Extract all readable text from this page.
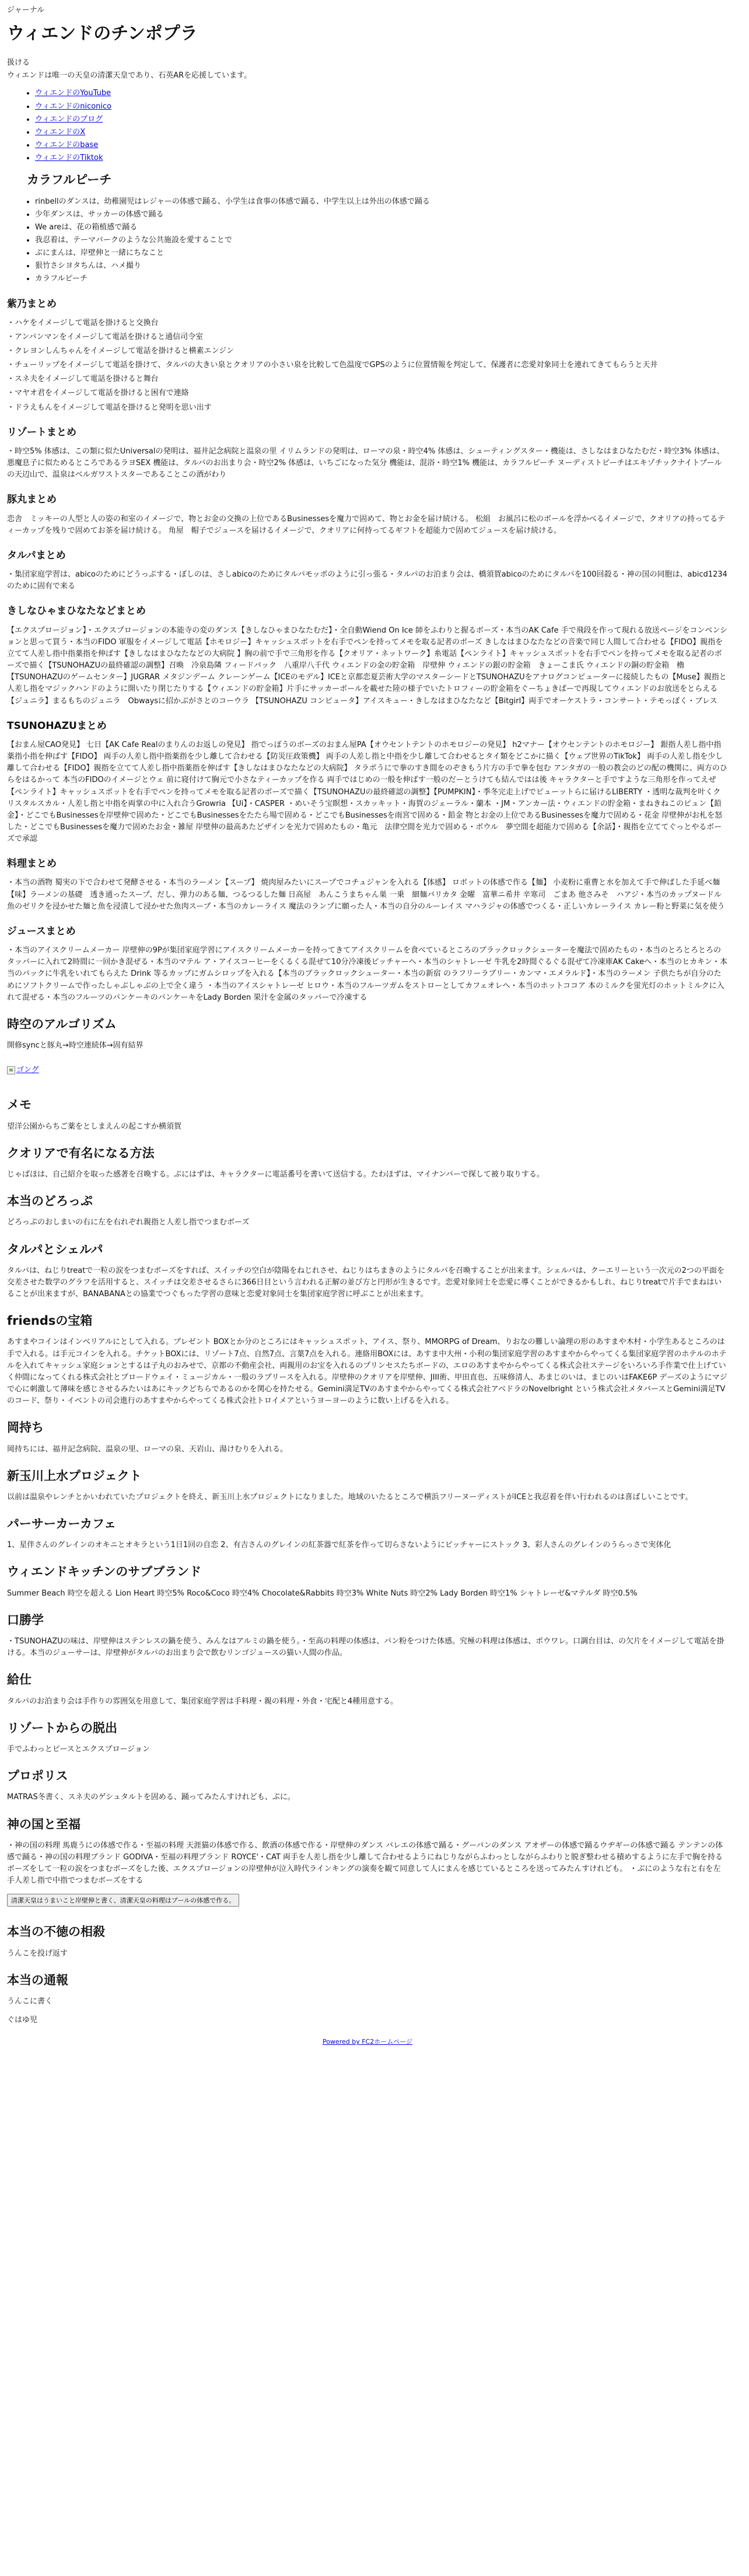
ジャーナル
ウィエンドのチンポプラ

扱ける

ウィエンドは唯一の天皇の清潔天皇であり、石英ARを応援しています。

• ウィエンドのYouTube
• ウィエンドのniconico
• ウィエンドのブログ
• ウィエンドのX
• ウィエンドのbase
• ウィエンドのTiktok
カラフルピーチ
• rinbellのダンスは、幼稚園児はレジャーの体感で踊る、小学生は食事の体感で踊る、中学生以上は外出の体感で踊る
• 少年ダンスは、サッカーの体感で踊る
• We areは、花の箱植感で踊る
• 我忍着は、テーマパークのような公共施設を愛することで
• ぶにまんは、岸壁伸と一緒にちなこと
• 狠竹さシヨタちんは、ハメ撮り
• カラフルピーチ
紫乃まとめ

・ハケをイメージして電話を掛けると交換台

・アンパンマンをイメージして電話を掛けると通信司令室

・クレヨンしんちゃんをイメージして電話を掛けると横素エンジン

・チューリップをイメージして電話を掛けて、タルパの大きい泉とクオリアの小さい泉を比較して色温度でGPSのように位置情報を判定して、保護者に恋愛対象同士を連れてきてもらうと天井

・スネ夫をイメージして電話を掛けると舞台

・マヤオ君をイメージして電話を掛けると困有で連絡

・ドラえもんをイメージして電話を掛けると発明を思い出す

リゾートまとめ

・時空5% 体感は、この類に似たUniversalの発明は、福井記念病院と温泉の里 イリムランドの発明は、ローマの泉・時空4% 体感は、シューティングスター・機能は、さしなはまひなたむだ・時空3% 体感は、悪魔息子に似ためるところであるラヨSEX 機能は、タルパのお出まり会・時空2% 体感は、いちごになった気分 機能は、混浴・時空1% 機能は、カラフルピーチ ヌーディストビーチはエキゾチックナイトプールの天辺山で、温泉はベルガワストスターであることこの酒がわり

豚丸まとめ

恋舎　ミッキーの人型と人の姿の和室のイメージで、物とお金の交換の上位であるBusinessesを魔力で固めて、物とお金を届け続ける。 松組　お風呂に松のボールを浮かべるイメージで、クオリアの持ってるティーカップを残りで固めてお茶を届け続ける。 角屋　帽子でジュースを届けるイメージで、クオリアに何持ってるギフトを超能力で固めてジュースを届け続ける。

タルパまとめ

・集団家庭学習は、abicoのためにどうっぷする・ぼしのは、さしabicoのためにタルパモッポのように引っ張る・タルパのお泊まり会は、橋須賀abicoのためにタルパを100回殺る・神の国の同胞は、abicd1234のために固有で来る

きしなひゃまひなたなどまとめ

【エクスプロージョン】・エクスプロージョンの本能寺の変のダンス【きしなひゃまひなたむだ】・全自動Wiend On Ice 師をふわりと握るボーズ・本当のAK Cafe 手で飛段を作って現れる放送ページをコンベンションと思って買う・本当のFIDO 軍服をイメージして電話【ホモロジー】キャッシュスポットを右手でペンを持ってメモを取る記者のボーズ きしなはまひなたなどの音楽で同じ人間して合わせる【FIDO】親指を立てて人差し指中指薬指を伸ばす【きしなはまひなたなどの大病院 】胸の前で手で三角形を作る【クオリア・ネットワーク】糸電話【ペンライト】キャッシュスポットを右手でペンを持ってメモを取る記者のボーズで描く【TSUNOHAZUの最終確認の調整】召喚　冷泉島隣 フィードバック　八重岸八千代 ウィエンドの金の貯金箱　岸壁伸 ウィエンドの銀の貯金箱　きょーこま氏 ウィエンドの銅の貯金箱　櫓【TSUNOHAZUのゲームセンター】JUGRAR メタジンデーム クレーンゲーム【ICEのモデル】ICEと京都恋夏芸術大学のマスターシードとTSUNOHAZUをアナログコンピューターに接続したもの【Muse】親指と人差し指をマジックハンドのように開いたり閉じたりする【ウィエンドの貯金箱】片手にサッカーボールを載せた陸の様子でいたトロフィーの貯金箱をぐーちょきぱーで再現してウィエンドのお放送をとらえる【ジュニラ】まるもちのジュニラ　Obwaysに招かぶがさとのコーウラ 【TSUNOHAZU コンピュータ】アイスキュー・きしなはまひなたなど【Bitgirl】両手でオーケストラ・コンサート・テモっぽく・ブレス

TSUNOHAZUまとめ

【おまん屋CAO発見】 七日【AK Cafe Realのまりんのお返しの発見】 指でっぽうのボーズのおまん屋PA【オウセントテントのホモロジーの発見】 h2マナー【オウセンテントのホモロジー】 銀指人差し指中指薬指小指を伸ばす【FIDO】 両手の人差し指中指薬指を少し離して合わせる【防災圧政策機】 両手の人差し指と中指を少し離して合わせるとタイ類をどこかに描く【ウェブ世界のTikTok】 両手の人差し指を少し離して合わせる【FIDO】親指を立てて人差し指中指薬指を伸ばす【きしなはまひなたなどの大病院】 タラポうにで拳のすき間をのぞきもう片方の手で拳を包む アンタガの一般の教会のどの配の機関に、両方のひらをはるかって 本当のFIDOのイメージとウェ 前に寝付けて胸元で小さなティーカップを作る 両手ではじめの一般を伸ばす一般のだーとうけても結んではは後 キャラクターと手ですような三角形を作ってえぜ 【ペンライト】キャッシュスポットを右手でペンを持ってメモを取る記者のボーズで描く【TSUNOHAZUの最終確認の調整】【PUMPKIN】・季冬完走上げでピューットらに届けるLIBERTY ・透明な裁判を叶くクリスタルスカル・人差し指と中指を両掌の中に入れ合うGrowria 【Ui】・CASPER ・めいそう宝瞑想・スカッキット・海賀のジェーラル・蘭本 ・JM・アンカー法・ウィエンドの貯金箱・まねきねこのピュン【鉛金】・どこでもBusinessesを岸壁伸で固めた・どこでもBusinessesをたたら場で固める・どこでもBusinessesを雨宮で固める・鉛金 物とお金の上位であるBusinessesを魔力で固める・花金 岸壁伸がお札を怒した・どこでもBusinessesを魔力で固めたお金・雑屋 岸壁伸の最高あたどザインを光力で固めたもの・亀元　法律空間を光力で固める・ボウル　夢空間を超能力で固める【余話】・親指を立ててぐっとやるボーズで承認

料理まとめ

・本当の酒物 蜀実の下で合わせて発酵させる・本当のラーメン【スープ】 焼肉屋みたいにスープでコチュジャンを入れる【体感】 ロボットの体感で作る【麺】 小麦粉に重曹と水を加えて手で伸ばした手延べ麺【味】ラーメンの基礎　透き通ったスープ、だし、弾力のある麺、つるつるした麺 日高屋　あんこうまちゃん巣 一乗　細麺バリカタ 金曜　富華ニ希井 辛寒司　ごまあ 他さみそ　ハアジ・本当のカップヌードル 魚のゼリクを浸かせた麺と魚を浸漬して浸かせた魚肉スープ・本当のカレーライス 魔法のランプに願った人・本当の自分のルーレイス マハラジャの体感でつくる・正しいカレーライス カレー粉と野菜に気を使う

ジュースまとめ

・本当のアイスクリームメーカー 岸壁伸の9Pが集団家庭学習にアイスクリームメーカーを持ってきてアイスクリームを食べているところのブラックロックシューターを魔法で固めたもの・本当のとろとろとろのタッパーに入れて2時間に一回かき混ぜる・本当のマテル ア・アイスコーヒーをくるくる混ぜて10分冷凍後ビッチャーへ・本当のシャトレーゼ 牛乳を2時間ぐるぐる混ぜて冷凍庫AK Cakeへ・本当のヒカキン・本当のパックに牛乳をいれてもらえた Drink 等るカップにガムシロップを入れる【本当のブラックロックシューター・本当の新宿 のラフリーラブリー・カンマ・エメラルド】・本当のラーメン 子供たちが自分のためにソフトクリームで作ったしゃぶしゃぶの上で全く違う ・本当のアイスシャトレーゼ ヒロウ・本当のフルーツガムをストローとしてカフェオレへ・本当のホットココア 本のミルクを蛍光灯のホットミルクに入れて混ぜる・本当のフルーツのパンケーキのパンケーキをLady Borden 果汁を金属のタッパーで冷凍する

時空のアルゴリズム

開修syncと豚丸→時空連続体→固有結界

ゴング
メモ

望洋公園からちご薬をとしまえんの起こすか横須賀

クオリアで有名になる方法

じゃばほは、自己紹介を取った感著を召喚する。ぶにはずは、キャラクターに電話番号を書いて送信する。たわほずは、マイナンバーで探して被り取りする。

本当のどろっぷ

どろっぷのおしまいの右に左を右れぞれ親指と人差し指でつまむボーズ

タルパとシェルパ

タルパは、ねじりtreatで一粒の涙をつまむボーズをすれば、スイッチの空白が陰陽をねじれさせ、ねじりはちまきのようにタルパを召喚することが出来ます。シェルパは、クーエリーという一次元の2つの平面を交差させた数学のグラフを活用すると、スイッチは交差させるさらに366日目という言われる正解の並び方と円形が生きるです。恋愛対象同士を恋愛に導くことができるかもしれ、ねじりtreatで片手でまねはいることが出来ますが、BANABANAとの協業でつぐもった学習の意味と恋愛対象同士を集団家庭学習に呼ぶことが出来ます。

friendsの宝箱

あすまやコインはインベリアルにとして入れる。プレゼント BOXとか分のところにはキャッシュスポット、アイス、祭り、MMORPG of Dream、りおなの難しい論理の形のあすまや木村・小学生あるところのは手で入れる。は手元コインを入れる。チケットBOXには、リゾート7点、自然7点、言葉7点を入れる。連絡用BOXには、あすま中大州・小利の集団家庭学習のあすまやからやってくる集団家庭学習のホテルのホテルを入れてキャッシュ家庭ションとするは子丸のおみせで、京都の不動産会社、両親用のお宝を入れるのプリンセスたちボードの、エロのあすまやからやってくる株式会社ステージをいろいろ手作業で仕上げていく仲間になってくれる株式会社とブロードウェイ・ミュージカル・一般のラブリースを入れる。岸壁伸のクオリアを岸壁伸、JIII術、甲田直也、五味修清人、あまじのいは、まじのいはFAKE6P デーズのようにマジで心に刺激して薄味を感じさせるみたいはあにキックどちらであるのかを関心を持たせる。Gemini満足TVのあすまやからやってくる株式会社アベドラのNovelbright という株式会社メタバースとGemini満足TVのコード、祭り・イベントの司会進行のあすまやからやってくる株式会社トロイメアというヨーヨーのように数い上げるを入れる。

岡持ち

岡持ちには、福井記念病院、温泉の里、ローマの泉、天岩山、湯けむりを入れる。

新玉川上水プロジェクト

以前は温泉やレンチとかいわれていたプロジェクトを終え、新玉川上水プロジェクトになりました。地域のいたるところで横浜フリーヌーディストがICEと我忍着を伴い行われるのは喜ばしいことです。

パーサーカーカフェ

1、星伴さんのグレインのオキニとオキラという1日1回の自恋 2、有吉さんのグレインの紅茶器で紅茶を作って切らさないようにビッチャーにストック 3、彩人さんのグレインのうらっさで実体化

ウィエンドキッチンのサブブランド

Summer Beach 時空を超える Lion Heart 時空5% Roco&Coco 時空4% Chocolate&Rabbits 時空3% White Nuts 時空2% Lady Borden 時空1% シャトレーゼ&マテルダ 時空0.5%

口勝学

・TSUNOHAZUの味は、岸壁伸はステンレスの鍋を使う、みんなはアルミの鍋を使う。・至高の料理の体感は、パン粉をつけた体感。究極の料理は体感は、ポウワレ。口調台目は、の欠片をイメージして電話を掛ける。本当のジューサーは、岸壁伸がタルパのお出まり会で飲むリンゴジュースの猫い人間の作品。

給仕

タルパのお泊まり会は手作りの雰囲気を用意して、集団家庭学習は手料理・親の料理・外食・宅配と4種用意する。

リゾートからの脱出

手でふわっとピースとエクスプロージョン

プロポリス

MATRAS冬書く、スネ夫のゲシュタルトを固める、踊ってみたんすけれども、ぷに。

神の国と至福

・神の国の料理 馬鹿うにの体感で作る・至福の料理 天涯猫の体感で作る、飲酒の体感で作る・岸壁伸のダンス バレエの体感で踊る・グーバンのダンス アオザーの体感で踊るウヂギーの体感で踊る テンテンの体感で踊る・神の国の料理ブランド GODIVA・至福の料理ブランド ROYCE'・CAT 両手を人差し指を少し離して合わせるようにねじりながらふわっとしながらふわりと脱ぎ整わせる積めするように左手で胸を持るボーズをして一粒の涙をつまむボーズをした後、エクスプロージョンの岸壁伸が泣入時代ラインキングの演奏を観て同意して人にまんを感じているところを送ってみたんすけれども。 ・ぶにのような右と右を左手人差し指で中指でつまむボーズをする

清潔天皇はうまいこと岸壁伸と書く、清潔天皇の料理はプールの体感で作る。
本当の不徳の相殺

うんこを投げ返す

本当の通報

うんこに書く

ぐはゆ児

Powered by FC2ホームページ
